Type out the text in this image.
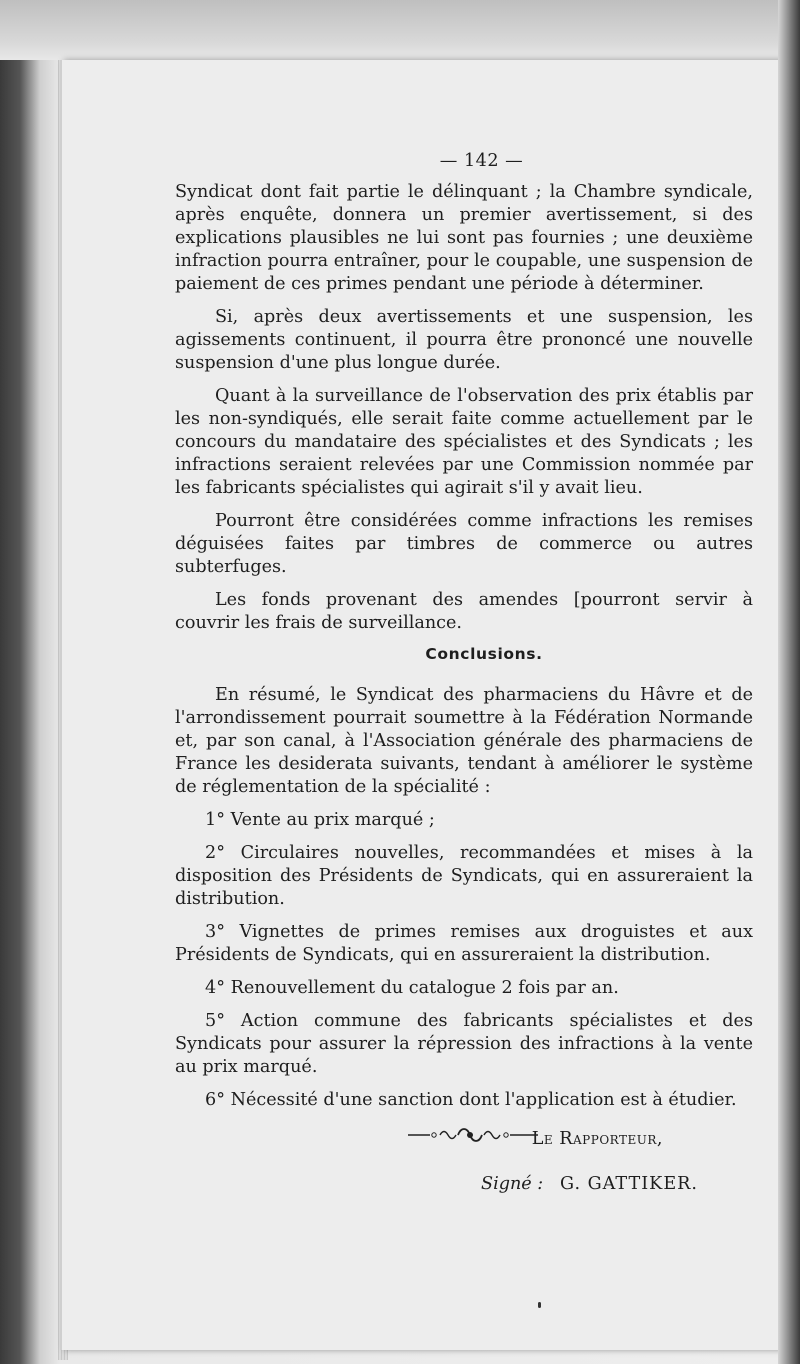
— 142 —

Syndicat dont fait partie le délinquant ; la Chambre syndicale, après enquête, donnera un premier avertissement, si des explications plausibles ne lui sont pas fournies ; une deuxième infraction pourra entraîner, pour le coupable, une suspension de paiement de ces primes pendant une période à déterminer.

Si, après deux avertissements et une suspension, les agissements continuent, il pourra être prononcé une nouvelle suspension d'une plus longue durée.

Quant à la surveillance de l'observation des prix établis par les non-syndiqués, elle serait faite comme actuellement par le concours du mandataire des spécialistes et des Syndicats ; les infractions seraient relevées par une Commission nommée par les fabricants spécialistes qui agirait s'il y avait lieu.

Pourront être considérées comme infractions les remises déguisées faites par timbres de commerce ou autres subterfuges.

Les fonds provenant des amendes [pourront servir à couvrir les frais de surveillance.

Conclusions.

En résumé, le Syndicat des pharmaciens du Hâvre et de l'arrondissement pourrait soumettre à la Fédération Normande et, par son canal, à l'Association générale des pharmaciens de France les desiderata suivants, tendant à améliorer le système de réglementation de la spécialité :

1° Vente au prix marqué ;
2° Circulaires nouvelles, recommandées et mises à la disposition des Présidents de Syndicats, qui en assureraient la distribution.
3° Vignettes de primes remises aux droguistes et aux Présidents de Syndicats, qui en assureraient la distribution.
4° Renouvellement du catalogue 2 fois par an.
5° Action commune des fabricants spécialistes et des Syndicats pour assurer la répression des infractions à la vente au prix marqué.
6° Nécessité d'une sanction dont l'application est à étudier.
Le Rapporteur,
Signé : G. GATTIKER.
